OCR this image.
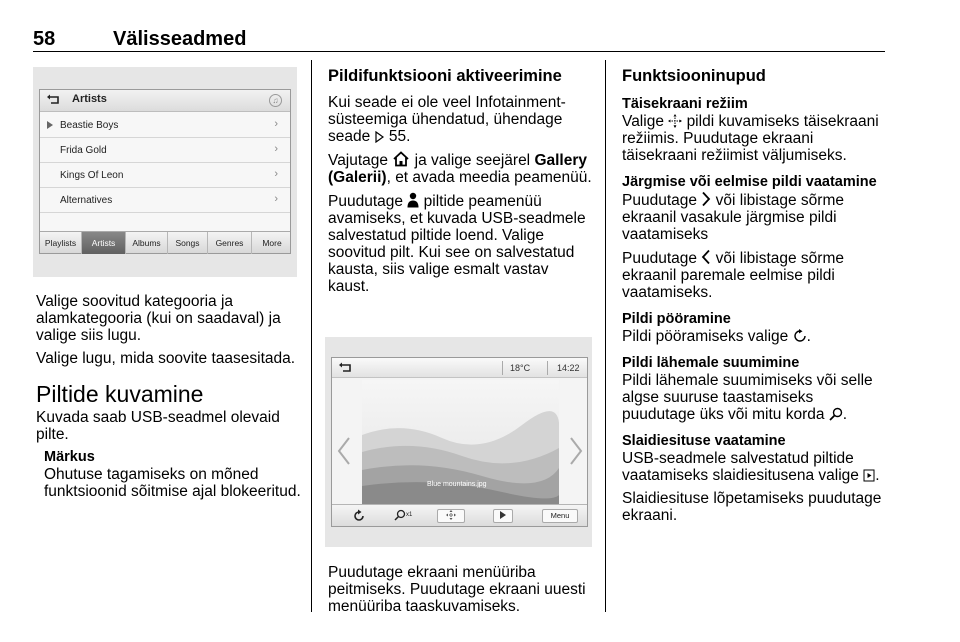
58	Välisseadmed
Artists	♫
Beastie Boys	›
Frida Gold	›
Kings Of Leon	›
Alternatives	›
Playlists	Artists	Albums	Songs	Genres	More

Valige soovitud kategooria ja alamkategooria (kui on saadaval) ja valige siis lugu.

Valige lugu, mida soovite taasesitada.

Piltide kuvamine

Kuvada saab USB-seadmel olevaid pilte.

Märkus
Ohutuse tagamiseks on mõned funktsioonid sõitmise ajal blokeeritud.
Pildifunktsiooni aktiveerimine

Kui seade ei ole veel Infotainment-süsteemiga ühendatud, ühendage seade 55.

Vajutage ja valige seejärel Gallery (Galerii), et avada meedia peamenüü.

Puudutage piltide peamenüü avamiseks, et kuvada USB-seadmele salvestatud piltide loend. Valige soovitud pilt. Kui see on salvestatud kausta, siis valige esmalt vastav kaust.

18°C	14:22
Blue mountains.jpg
$^{x1}$	Menu

Puudutage ekraani menüüriba peitmiseks. Puudutage ekraani uuesti menüüriba taaskuvamiseks.

Funktsiooninupud
Täisekraani režiim

Valige pildi kuvamiseks täisekraani režiimis. Puudutage ekraani täisekraani režiimist väljumiseks.

Järgmise või eelmise pildi vaatamine

Puudutage või libistage sõrme ekraanil vasakule järgmise pildi vaatamiseks

Puudutage või libistage sõrme ekraanil paremale eelmise pildi vaatamiseks.

Pildi pööramine

Pildi pööramiseks valige .

Pildi lähemale suumimine

Pildi lähemale suumimiseks või selle algse suuruse taastamiseks puudutage üks või mitu korda .

Slaidiesituse vaatamine

USB-seadmele salvestatud piltide vaatamiseks slaidiesitusena valige .

Slaidiesituse lõpetamiseks puudutage ekraani.
